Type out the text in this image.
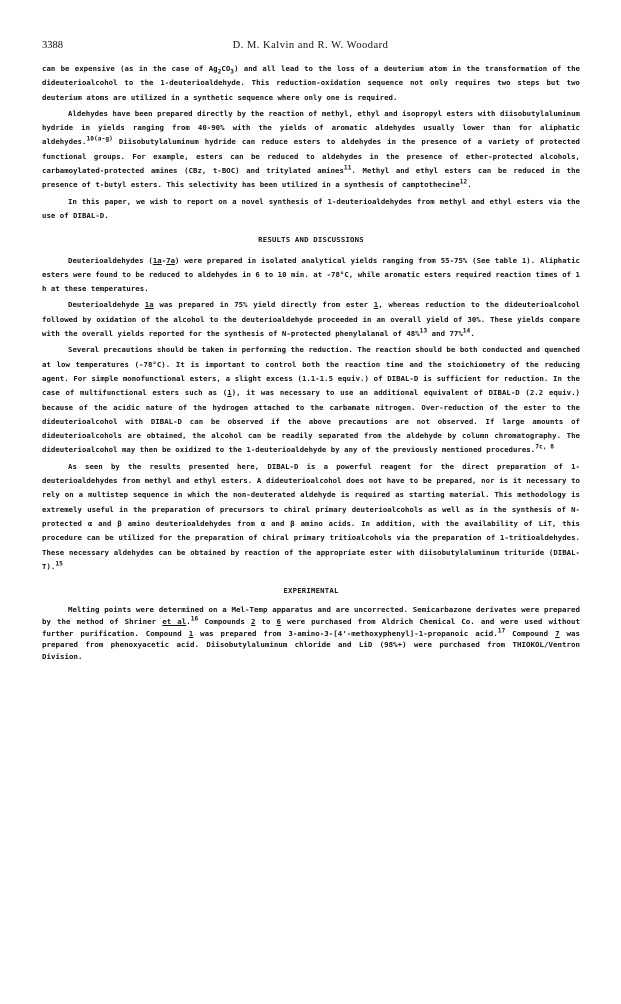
3388	D. M. Kalvin and R. W. Woodard

can be expensive (as in the case of $Ag_2CO_3$) and all lead to the loss of a deuterium atom in the transformation of the dideuterioalcohol to the 1-deuterioaldehyde. This reduction-oxidation sequence not only requires two steps but two deuterium atoms are utilized in a synthetic sequence where only one is required.

Aldehydes have been prepared directly by the reaction of methyl, ethyl and isopropyl esters with diisobutylaluminum hydride in yields ranging from 40-90% with the yields of aromatic aldehydes usually lower than for aliphatic aldehydes.$^{10(a-g)}$ Diisobutylaluminum hydride can reduce esters to aldehydes in the presence of a variety of protected functional groups. For example, esters can be reduced to aldehydes in the presence of ether-protected alcohols, carbamoylated-protected amines (CBz, t-BOC) and tritylated amines$^{11}$. Methyl and ethyl esters can be reduced in the presence of t-butyl esters. This selectivity has been utilized in a synthesis of camptothecine$^{12}$.

In this paper, we wish to report on a novel synthesis of 1-deuterioaldehydes from methyl and ethyl esters via the use of DIBAL-D.

RESULTS AND DISCUSSIONS

Deuterioaldehydes (1a-7a) were prepared in isolated analytical yields ranging from 55-75% (See table 1). Aliphatic esters were found to be reduced to aldehydes in 6 to 10 min. at -78°C, while aromatic esters required reaction times of 1 h at these temperatures.

Deuterioaldehyde 1a was prepared in 75% yield directly from ester 1, whereas reduction to the dideuterioalcohol followed by oxidation of the alcohol to the deuterioaldehyde proceeded in an overall yield of 30%. These yields compare with the overall yields reported for the synthesis of N-protected phenylalanal of 48%$^{13}$ and 77%$^{14}$.

Several precautions should be taken in performing the reduction. The reaction should be both conducted and quenched at low temperatures (-78°C). It is important to control both the reaction time and the stoichiometry of the reducing agent. For simple monofunctional esters, a slight excess (1.1-1.5 equiv.) of DIBAL-D is sufficient for reduction. In the case of multifunctional esters such as (1), it was necessary to use an additional equivalent of DIBAL-D (2.2 equiv.) because of the acidic nature of the hydrogen attached to the carbamate nitrogen. Over-reduction of the ester to the dideuterioalcohol with DIBAL-D can be observed if the above precautions are not observed. If large amounts of dideuterioalcohols are obtained, the alcohol can be readily separated from the aldehyde by column chromatography. The dideuterioalcohol may then be oxidized to the 1-deuterioaldehyde by any of the previously mentioned procedures.$^{7c, 8}$

As seen by the results presented here, DIBAL-D is a powerful reagent for the direct preparation of 1-deuterioaldehydes from methyl and ethyl esters. A dideuterioalcohol does not have to be prepared, nor is it necessary to rely on a multistep sequence in which the non-deuterated aldehyde is required as starting material. This methodology is extremely useful in the preparation of precursors to chiral primary deuterioalcohols as well as in the synthesis of N-protected α and β amino deuterioaldehydes from α and β amino acids. In addition, with the availability of LiT, this procedure can be utilized for the preparation of chiral primary tritioalcohols via the preparation of 1-tritioaldehydes. These necessary aldehydes can be obtained by reaction of the appropriate ester with diisobutylaluminum trituride (DIBAL-T).$^{15}$

EXPERIMENTAL

Melting points were determined on a Mel-Temp apparatus and are uncorrected. Semicarbazone derivates were prepared by the method of Shriner et al.$^{16}$ Compounds 2 to 6 were purchased from Aldrich Chemical Co. and were used without further purification. Compound 1 was prepared from 3-amino-3-[4'-methoxyphenyl]-1-propanoic acid.$^{17}$ Compound 7 was prepared from phenoxyacetic acid. Diisobutylaluminum chloride and LiD (98%+) were purchased from THIOKOL/Ventron Division.
